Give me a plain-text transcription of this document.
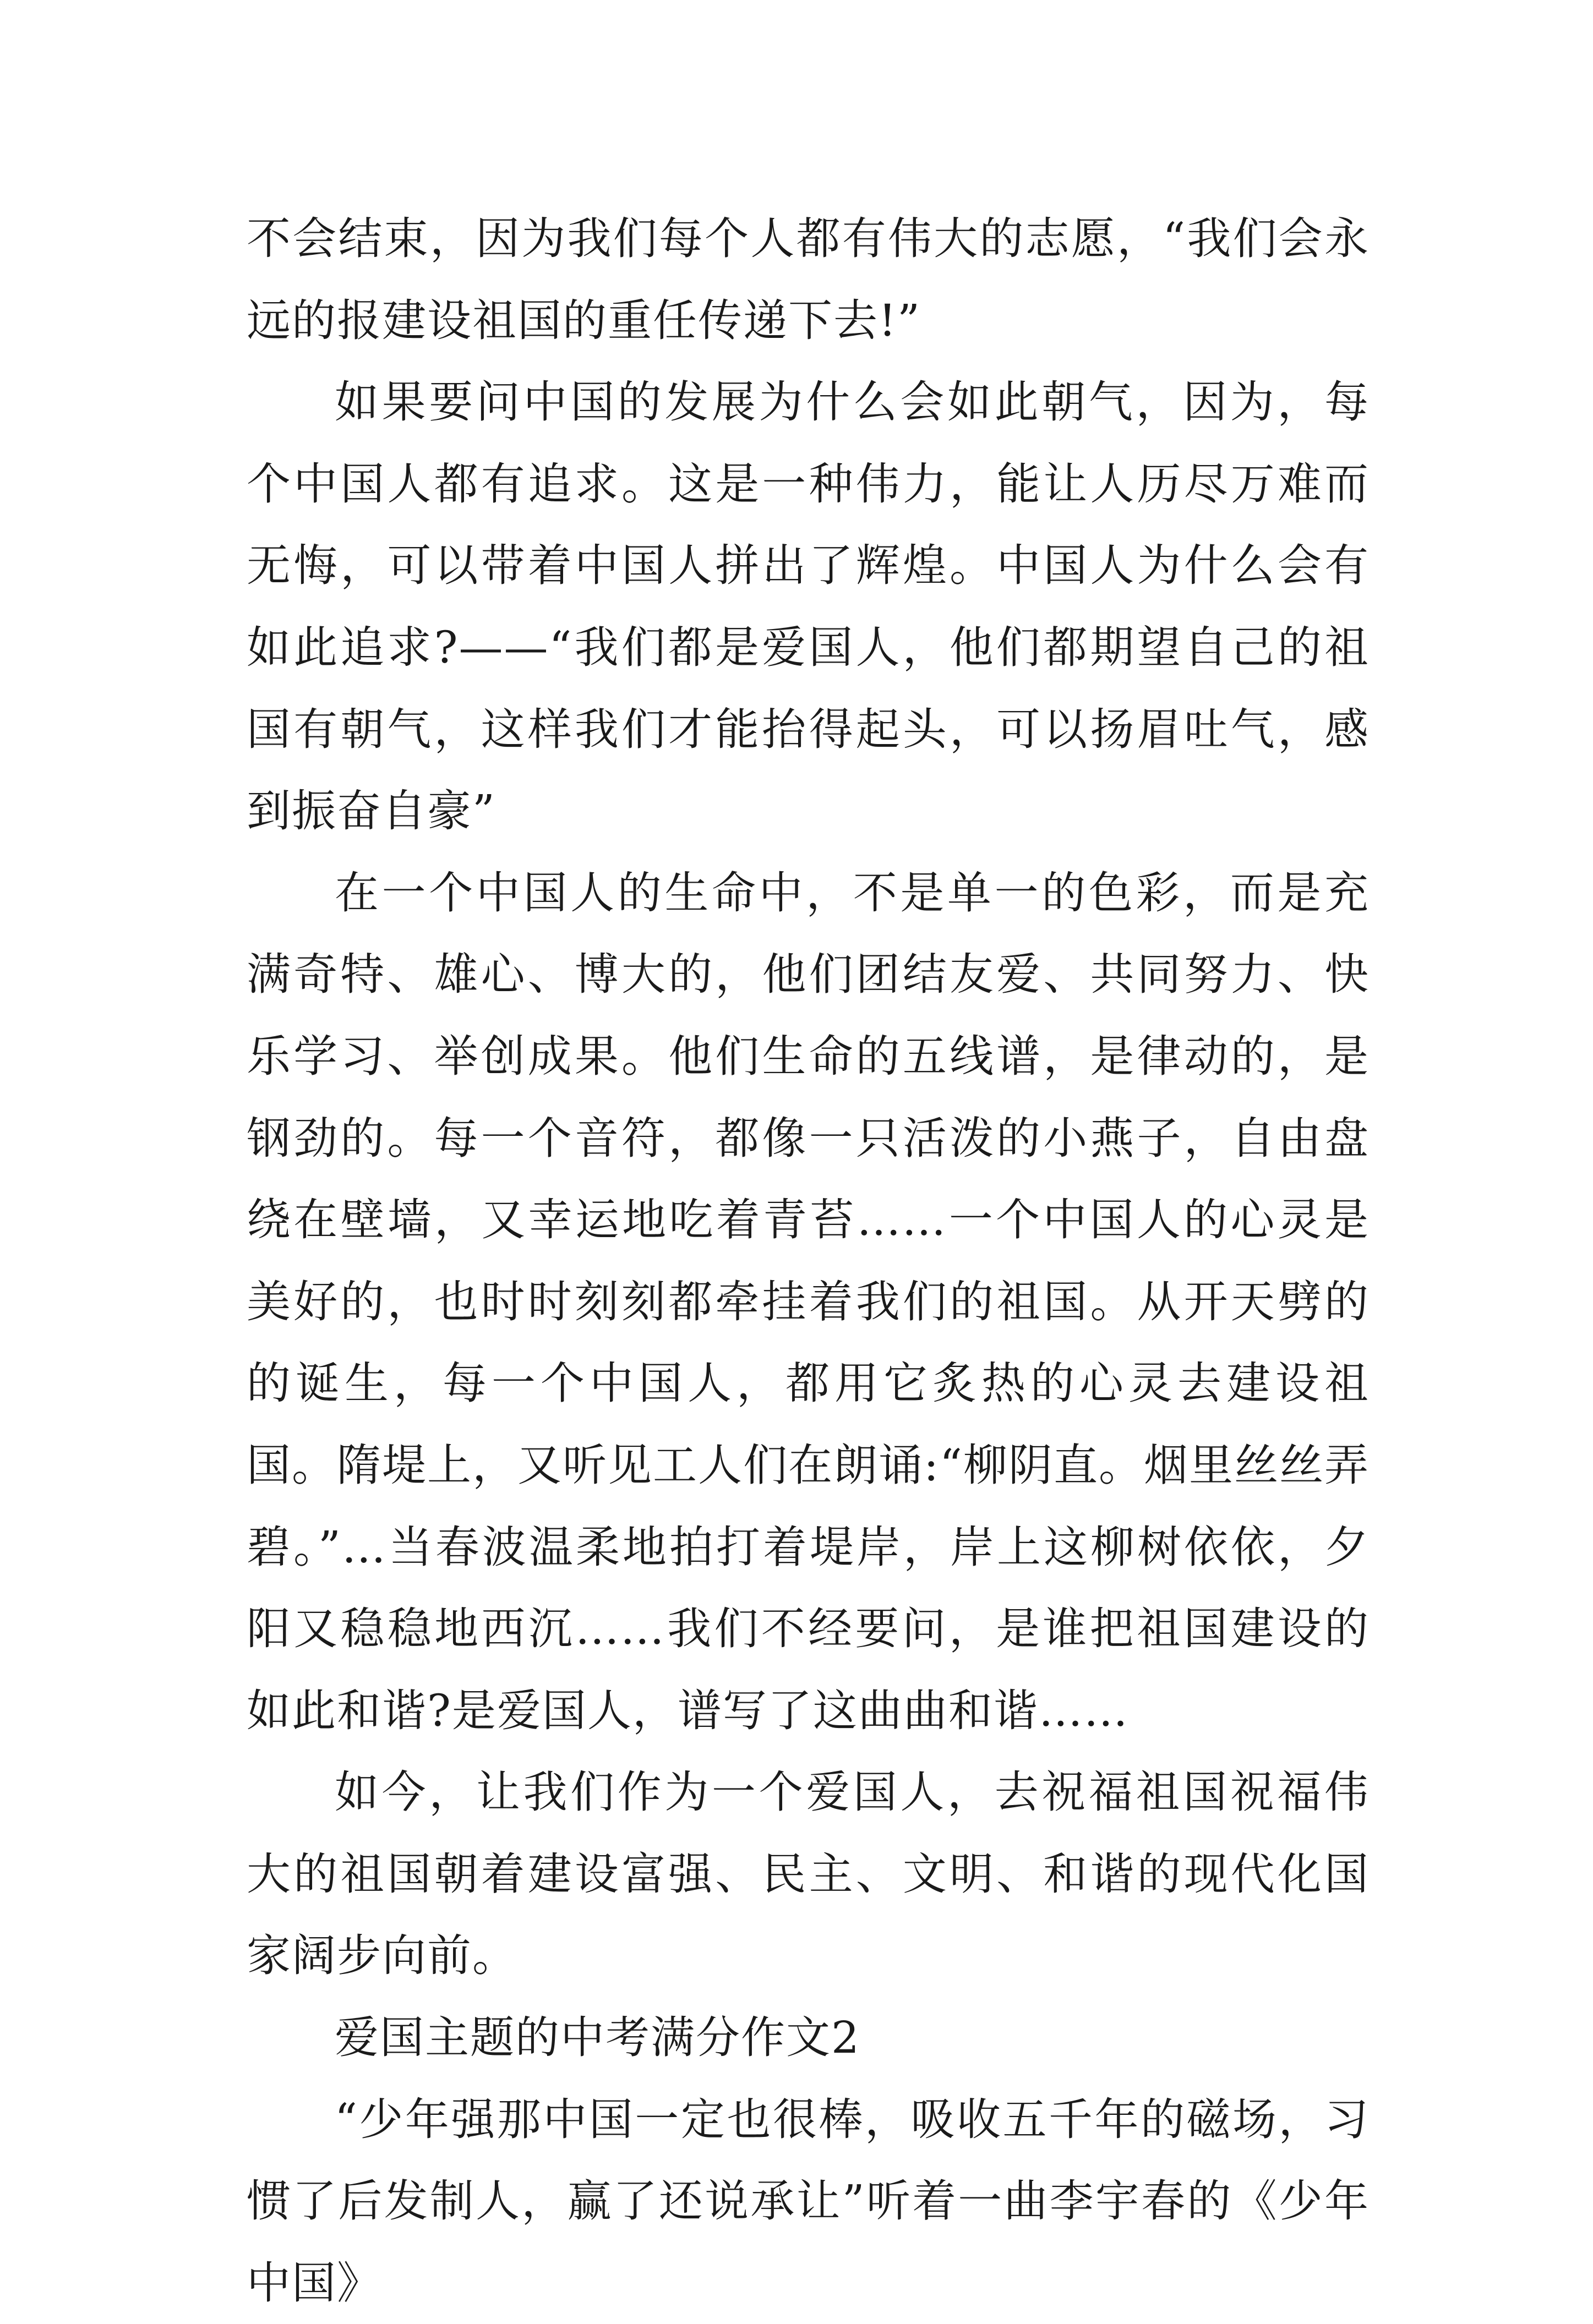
不会结束，因为我们每个人都有伟大的志愿，“我们会永远的报建设祖国的重任传递下去!”

如果要问中国的发展为什么会如此朝气，因为，每个中国人都有追求。这是一种伟力，能让人历尽万难而无悔，可以带着中国人拼出了辉煌。中国人为什么会有如此追求?——“我们都是爱国人，他们都期望自己的祖国有朝气，这样我们才能抬得起头，可以扬眉吐气，感到振奋自豪”

在一个中国人的生命中，不是单一的色彩，而是充满奇特、雄心、博大的，他们团结友爱、共同努力、快乐学习、举创成果。他们生命的五线谱，是律动的，是钢劲的。每一个音符，都像一只活泼的小燕子，自由盘绕在壁墙，又幸运地吃着青苔……一个中国人的心灵是美好的，也时时刻刻都牵挂着我们的祖国。从开天劈的的诞生，每一个中国人，都用它炙热的心灵去建设祖国。隋堤上，又听见工人们在朗诵:“柳阴直。烟里丝丝弄碧。”…当春波温柔地拍打着堤岸，岸上这柳树依依，夕阳又稳稳地西沉……我们不经要问，是谁把祖国建设的如此和谐?是爱国人，谱写了这曲曲和谐……

如今，让我们作为一个爱国人，去祝福祖国祝福伟大的祖国朝着建设富强、民主、文明、和谐的现代化国家阔步向前。

爱国主题的中考满分作文2

“少年强那中国一定也很棒，吸收五千年的磁场，习惯了后发制人，赢了还说承让”听着一曲李宇春的《少年中国》
